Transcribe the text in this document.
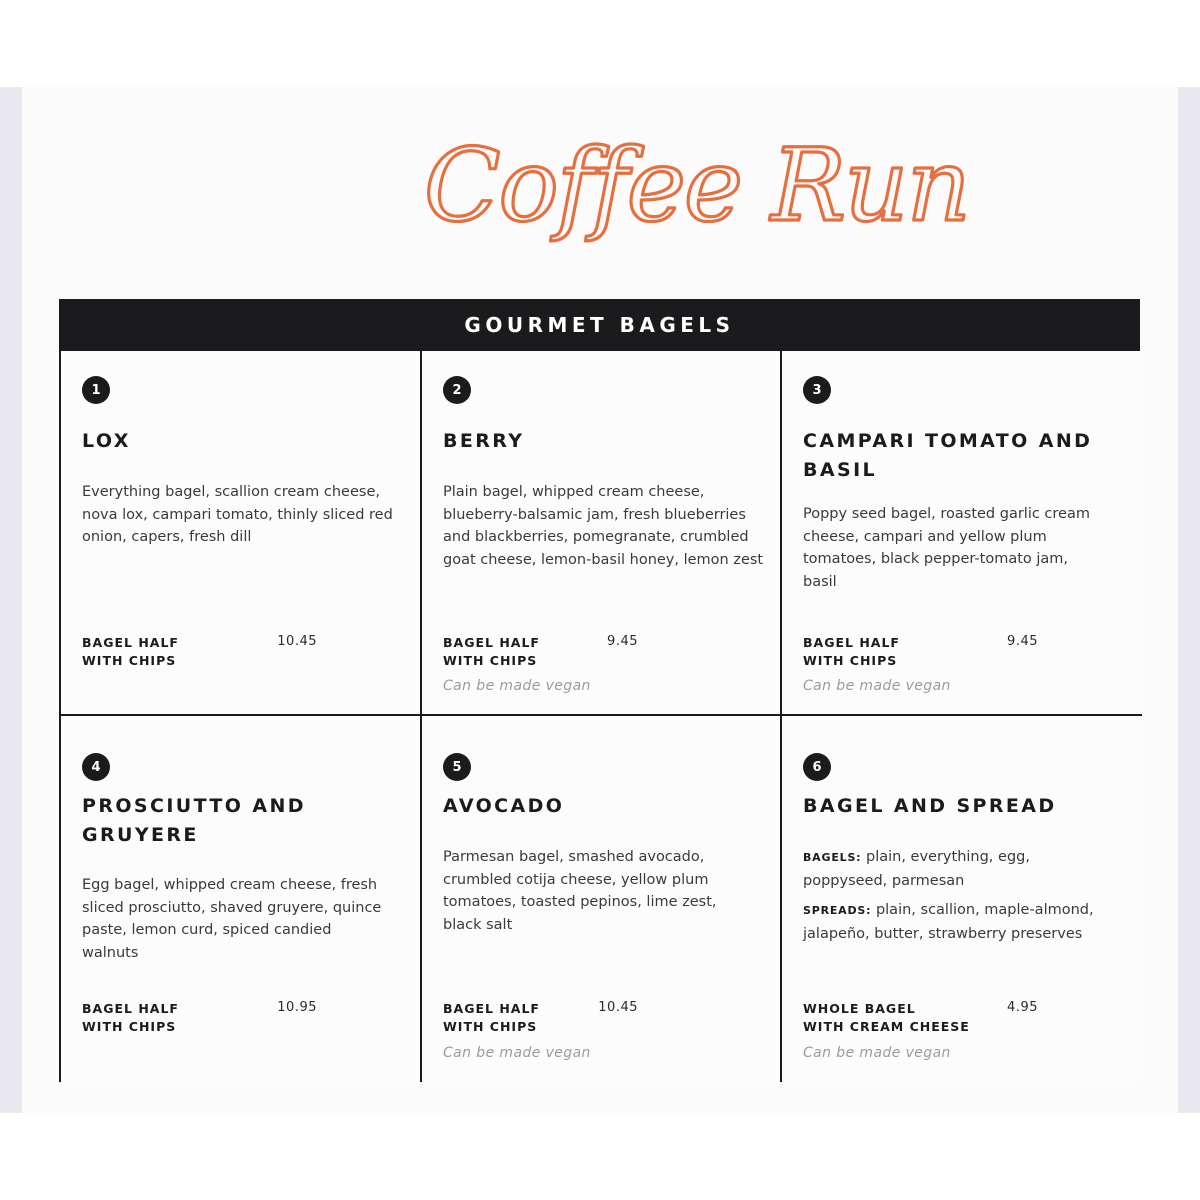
Coffee Run
GOURMET BAGELS
1
LOX
Everything bagel, scallion cream cheese, nova lox, campari tomato, thinly sliced red onion, capers, fresh dill
BAGEL HALF
WITH CHIPS
10.45
2
BERRY
Plain bagel, whipped cream cheese, blueberry-balsamic jam, fresh blueberries and blackberries, pomegranate, crumbled goat cheese, lemon-basil honey, lemon zest
BAGEL HALF
WITH CHIPS
9.45
Can be made vegan
3
CAMPARI TOMATO AND BASIL
Poppy seed bagel, roasted garlic cream cheese, campari and yellow plum tomatoes, black pepper-tomato jam, basil
BAGEL HALF
WITH CHIPS
9.45
Can be made vegan
4
PROSCIUTTO AND GRUYERE
Egg bagel, whipped cream cheese, fresh sliced prosciutto, shaved gruyere, quince paste, lemon curd, spiced candied walnuts
BAGEL HALF
WITH CHIPS
10.95
5
AVOCADO
Parmesan bagel, smashed avocado, crumbled cotija cheese, yellow plum tomatoes, toasted pepinos, lime zest, black salt
BAGEL HALF
WITH CHIPS
10.45
Can be made vegan
6
BAGEL AND SPREAD
BAGELS: plain, everything, egg, poppyseed, parmesan
SPREADS: plain, scallion, maple-almond, jalapeño, butter, strawberry preserves
WHOLE BAGEL
WITH CREAM CHEESE
4.95
Can be made vegan
